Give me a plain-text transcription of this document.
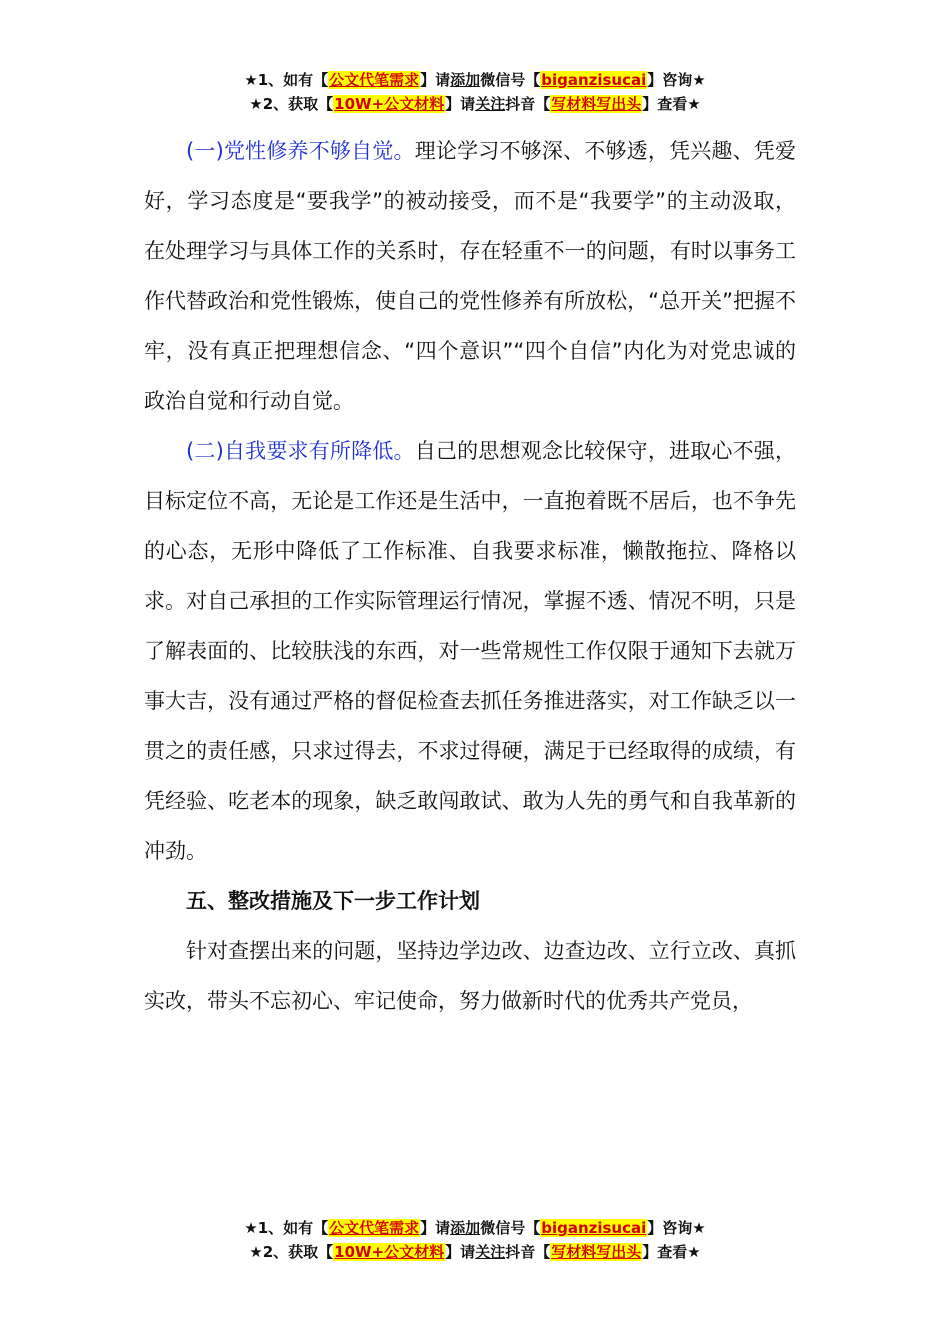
★1、如有【公文代笔需求】请添加微信号【biganzisucai】咨询★
★2、获取【10W+公文材料】请关注抖音【写材料写出头】查看★

(一)党性修养不够自觉。理论学习不够深、不够透，凭兴趣、凭爱好，学习态度是“要我学”的被动接受，而不是“我要学”的主动汲取，在处理学习与具体工作的关系时，存在轻重不一的问题，有时以事务工作代替政治和党性锻炼，使自己的党性修养有所放松，“总开关”把握不牢，没有真正把理想信念、“四个意识”“四个自信”内化为对党忠诚的政治自觉和行动自觉。

(二)自我要求有所降低。自己的思想观念比较保守，进取心不强，目标定位不高，无论是工作还是生活中，一直抱着既不居后，也不争先的心态，无形中降低了工作标准、自我要求标准，懒散拖拉、降格以求。对自己承担的工作实际管理运行情况，掌握不透、情况不明，只是了解表面的、比较肤浅的东西，对一些常规性工作仅限于通知下去就万事大吉，没有通过严格的督促检查去抓任务推进落实，对工作缺乏以一贯之的责任感，只求过得去，不求过得硬，满足于已经取得的成绩，有凭经验、吃老本的现象，缺乏敢闯敢试、敢为人先的勇气和自我革新的冲劲。

五、整改措施及下一步工作计划

针对查摆出来的问题，坚持边学边改、边查边改、立行立改、真抓实改，带头不忘初心、牢记使命，努力做新时代的优秀共产党员，

★1、如有【公文代笔需求】请添加微信号【biganzisucai】咨询★
★2、获取【10W+公文材料】请关注抖音【写材料写出头】查看★
